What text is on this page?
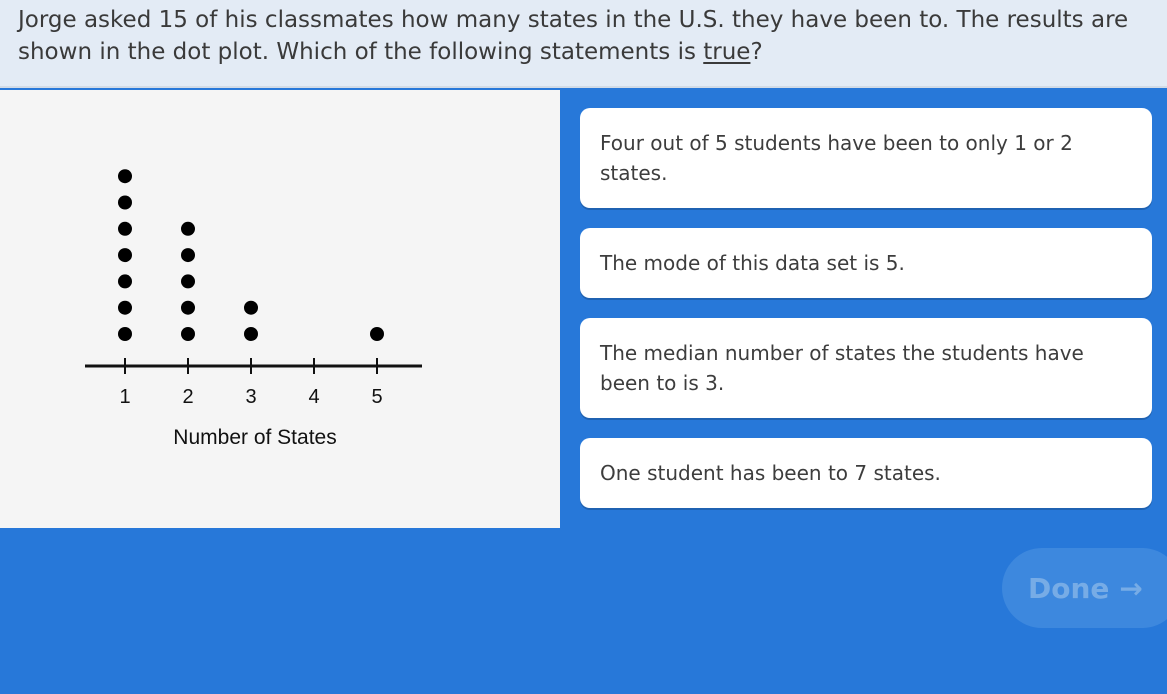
Jorge asked 15 of his classmates how many states in the U.S. they have been to. The results are shown in the dot plot. Which of the following statements is true?

1	2	3	4	5
Number of States
Four out of 5 students have been to only 1 or 2 states.
The mode of this data set is 5.
The median number of states the students have been to is 3.
One student has been to 7 states.
Done →
